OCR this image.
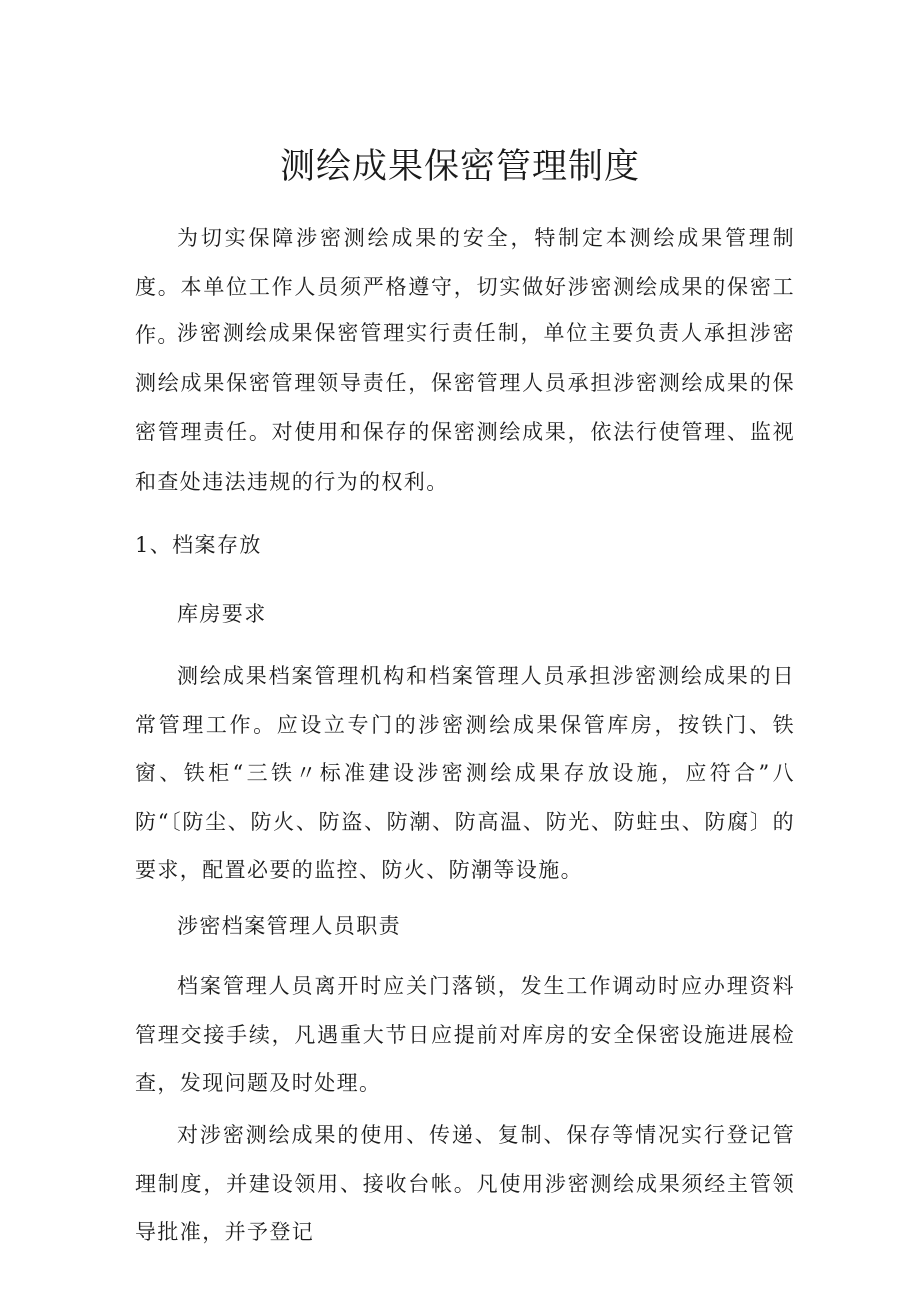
测绘成果保密管理制度

为切实保障涉密测绘成果的安全，特制定本测绘成果管理制度。本单位工作人员须严格遵守，切实做好涉密测绘成果的保密工作。

涉密测绘成果保密管理实行责任制，单位主要负责人承担涉密测绘成果保密管理领导责任，保密管理人员承担涉密测绘成果的保密管理责任。对使用和保存的保密测绘成果，依法行使管理、监视和查处违法违规的行为的权利。

1、档案存放

库房要求

测绘成果档案管理机构和档案管理人员承担涉密测绘成果的日常管理工作。应设立专门的涉密测绘成果保管库房，按铁门、铁窗、铁柜“三铁〃标准建设涉密测绘成果存放设施，应符合”八防“〔防尘、防火、防盗、防潮、防高温、防光、防蛀虫、防腐〕的要求，配置必要的监控、防火、防潮等设施。

涉密档案管理人员职责

档案管理人员离开时应关门落锁，发生工作调动时应办理资料管理交接手续，凡遇重大节日应提前对库房的安全保密设施进展检查，发现问题及时处理。

对涉密测绘成果的使用、传递、复制、保存等情况实行登记管理制度，并建设领用、接收台帐。凡使用涉密测绘成果须经主管领导批准，并予登记
